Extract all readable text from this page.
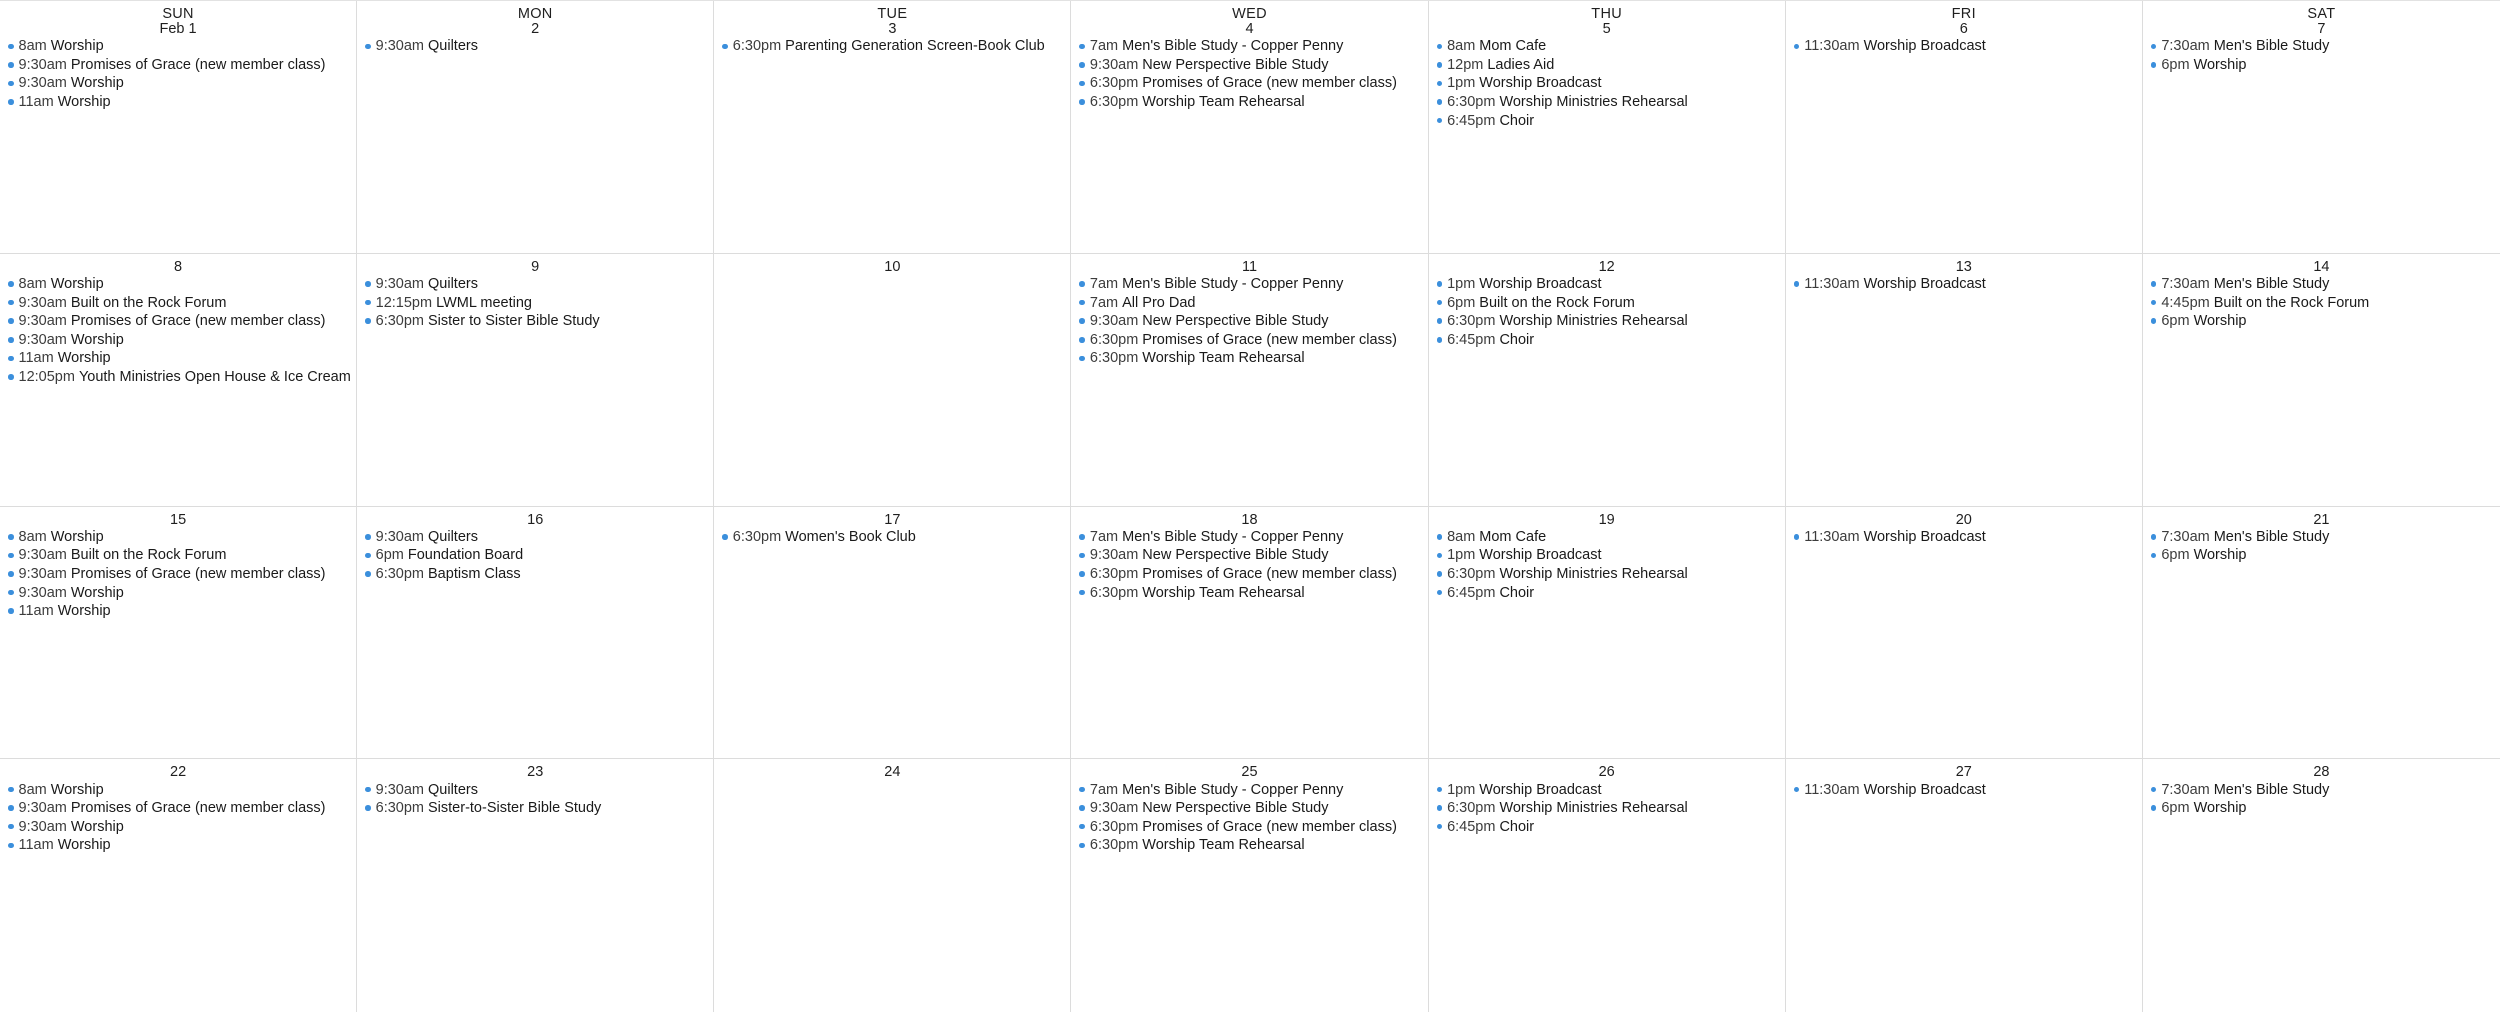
SUN
Feb 1
8am Worship
9:30am Promises of Grace (new member class)
9:30am Worship
11am Worship
MON
2
9:30am Quilters
TUE
3
6:30pm Parenting Generation Screen-Book Club
WED
4
7am Men's Bible Study - Copper Penny
9:30am New Perspective Bible Study
6:30pm Promises of Grace (new member class)
6:30pm Worship Team Rehearsal
THU
5
8am Mom Cafe
12pm Ladies Aid
1pm Worship Broadcast
6:30pm Worship Ministries Rehearsal
6:45pm Choir
FRI
6
11:30am Worship Broadcast
SAT
7
7:30am Men's Bible Study
6pm Worship
8
8am Worship
9:30am Built on the Rock Forum
9:30am Promises of Grace (new member class)
9:30am Worship
11am Worship
12:05pm Youth Ministries Open House & Ice Cream
9
9:30am Quilters
12:15pm LWML meeting
6:30pm Sister to Sister Bible Study
10	11
7am Men's Bible Study - Copper Penny
7am All Pro Dad
9:30am New Perspective Bible Study
6:30pm Promises of Grace (new member class)
6:30pm Worship Team Rehearsal
12
1pm Worship Broadcast
6pm Built on the Rock Forum
6:30pm Worship Ministries Rehearsal
6:45pm Choir
13
11:30am Worship Broadcast
14
7:30am Men's Bible Study
4:45pm Built on the Rock Forum
6pm Worship
15
8am Worship
9:30am Built on the Rock Forum
9:30am Promises of Grace (new member class)
9:30am Worship
11am Worship
16
9:30am Quilters
6pm Foundation Board
6:30pm Baptism Class
17
6:30pm Women's Book Club
18
7am Men's Bible Study - Copper Penny
9:30am New Perspective Bible Study
6:30pm Promises of Grace (new member class)
6:30pm Worship Team Rehearsal
19
8am Mom Cafe
1pm Worship Broadcast
6:30pm Worship Ministries Rehearsal
6:45pm Choir
20
11:30am Worship Broadcast
21
7:30am Men's Bible Study
6pm Worship
22
8am Worship
9:30am Promises of Grace (new member class)
9:30am Worship
11am Worship
23
9:30am Quilters
6:30pm Sister-to-Sister Bible Study
24	25
7am Men's Bible Study - Copper Penny
9:30am New Perspective Bible Study
6:30pm Promises of Grace (new member class)
6:30pm Worship Team Rehearsal
26
1pm Worship Broadcast
6:30pm Worship Ministries Rehearsal
6:45pm Choir
27
11:30am Worship Broadcast
28
7:30am Men's Bible Study
6pm Worship
